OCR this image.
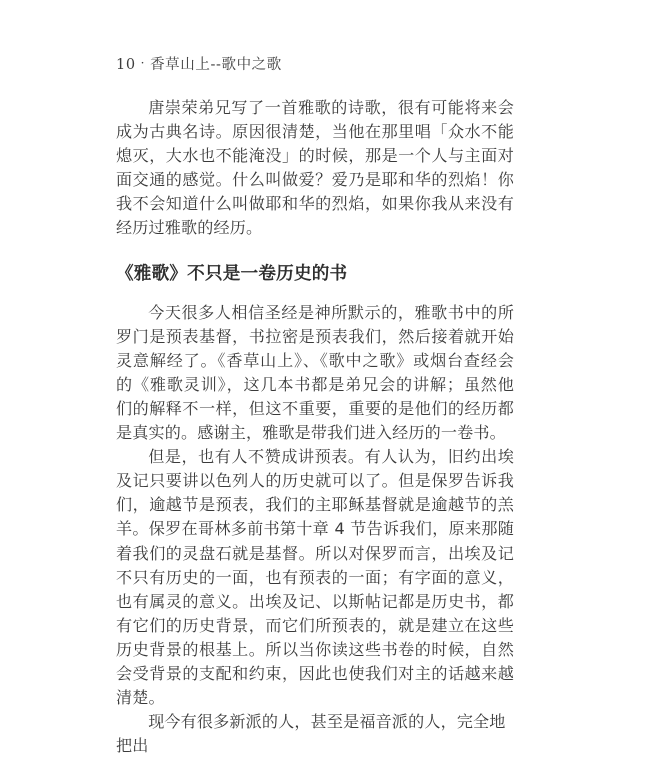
10 · 香草山上--歌中之歌

唐崇荣弟兄写了一首雅歌的诗歌，很有可能将来会成为古典名诗。原因很清楚，当他在那里唱「众水不能熄灭，大水也不能淹没」的时候，那是一个人与主面对面交通的感觉。什么叫做爱？爱乃是耶和华的烈焰！你我不会知道什么叫做耶和华的烈焰，如果你我从来没有经历过雅歌的经历。

《雅歌》不只是一卷历史的书

今天很多人相信圣经是神所默示的，雅歌书中的所罗门是预表基督，书拉密是预表我们，然后接着就开始灵意解经了。《香草山上》、《歌中之歌》或烟台查经会的《雅歌灵训》，这几本书都是弟兄会的讲解；虽然他们的解释不一样，但这不重要，重要的是他们的经历都是真实的。感谢主，雅歌是带我们进入经历的一卷书。

但是，也有人不赞成讲预表。有人认为，旧约出埃及记只要讲以色列人的历史就可以了。但是保罗告诉我们，逾越节是预表，我们的主耶稣基督就是逾越节的羔羊。保罗在哥林多前书第十章 4 节告诉我们，原来那随着我们的灵盘石就是基督。所以对保罗而言，出埃及记不只有历史的一面，也有预表的一面；有字面的意义，也有属灵的意义。出埃及记、以斯帖记都是历史书，都有它们的历史背景，而它们所预表的，就是建立在这些历史背景的根基上。所以当你读这些书卷的时候，自然会受背景的支配和约束，因此也使我们对主的话越来越清楚。

现今有很多新派的人，甚至是福音派的人，完全地把出
